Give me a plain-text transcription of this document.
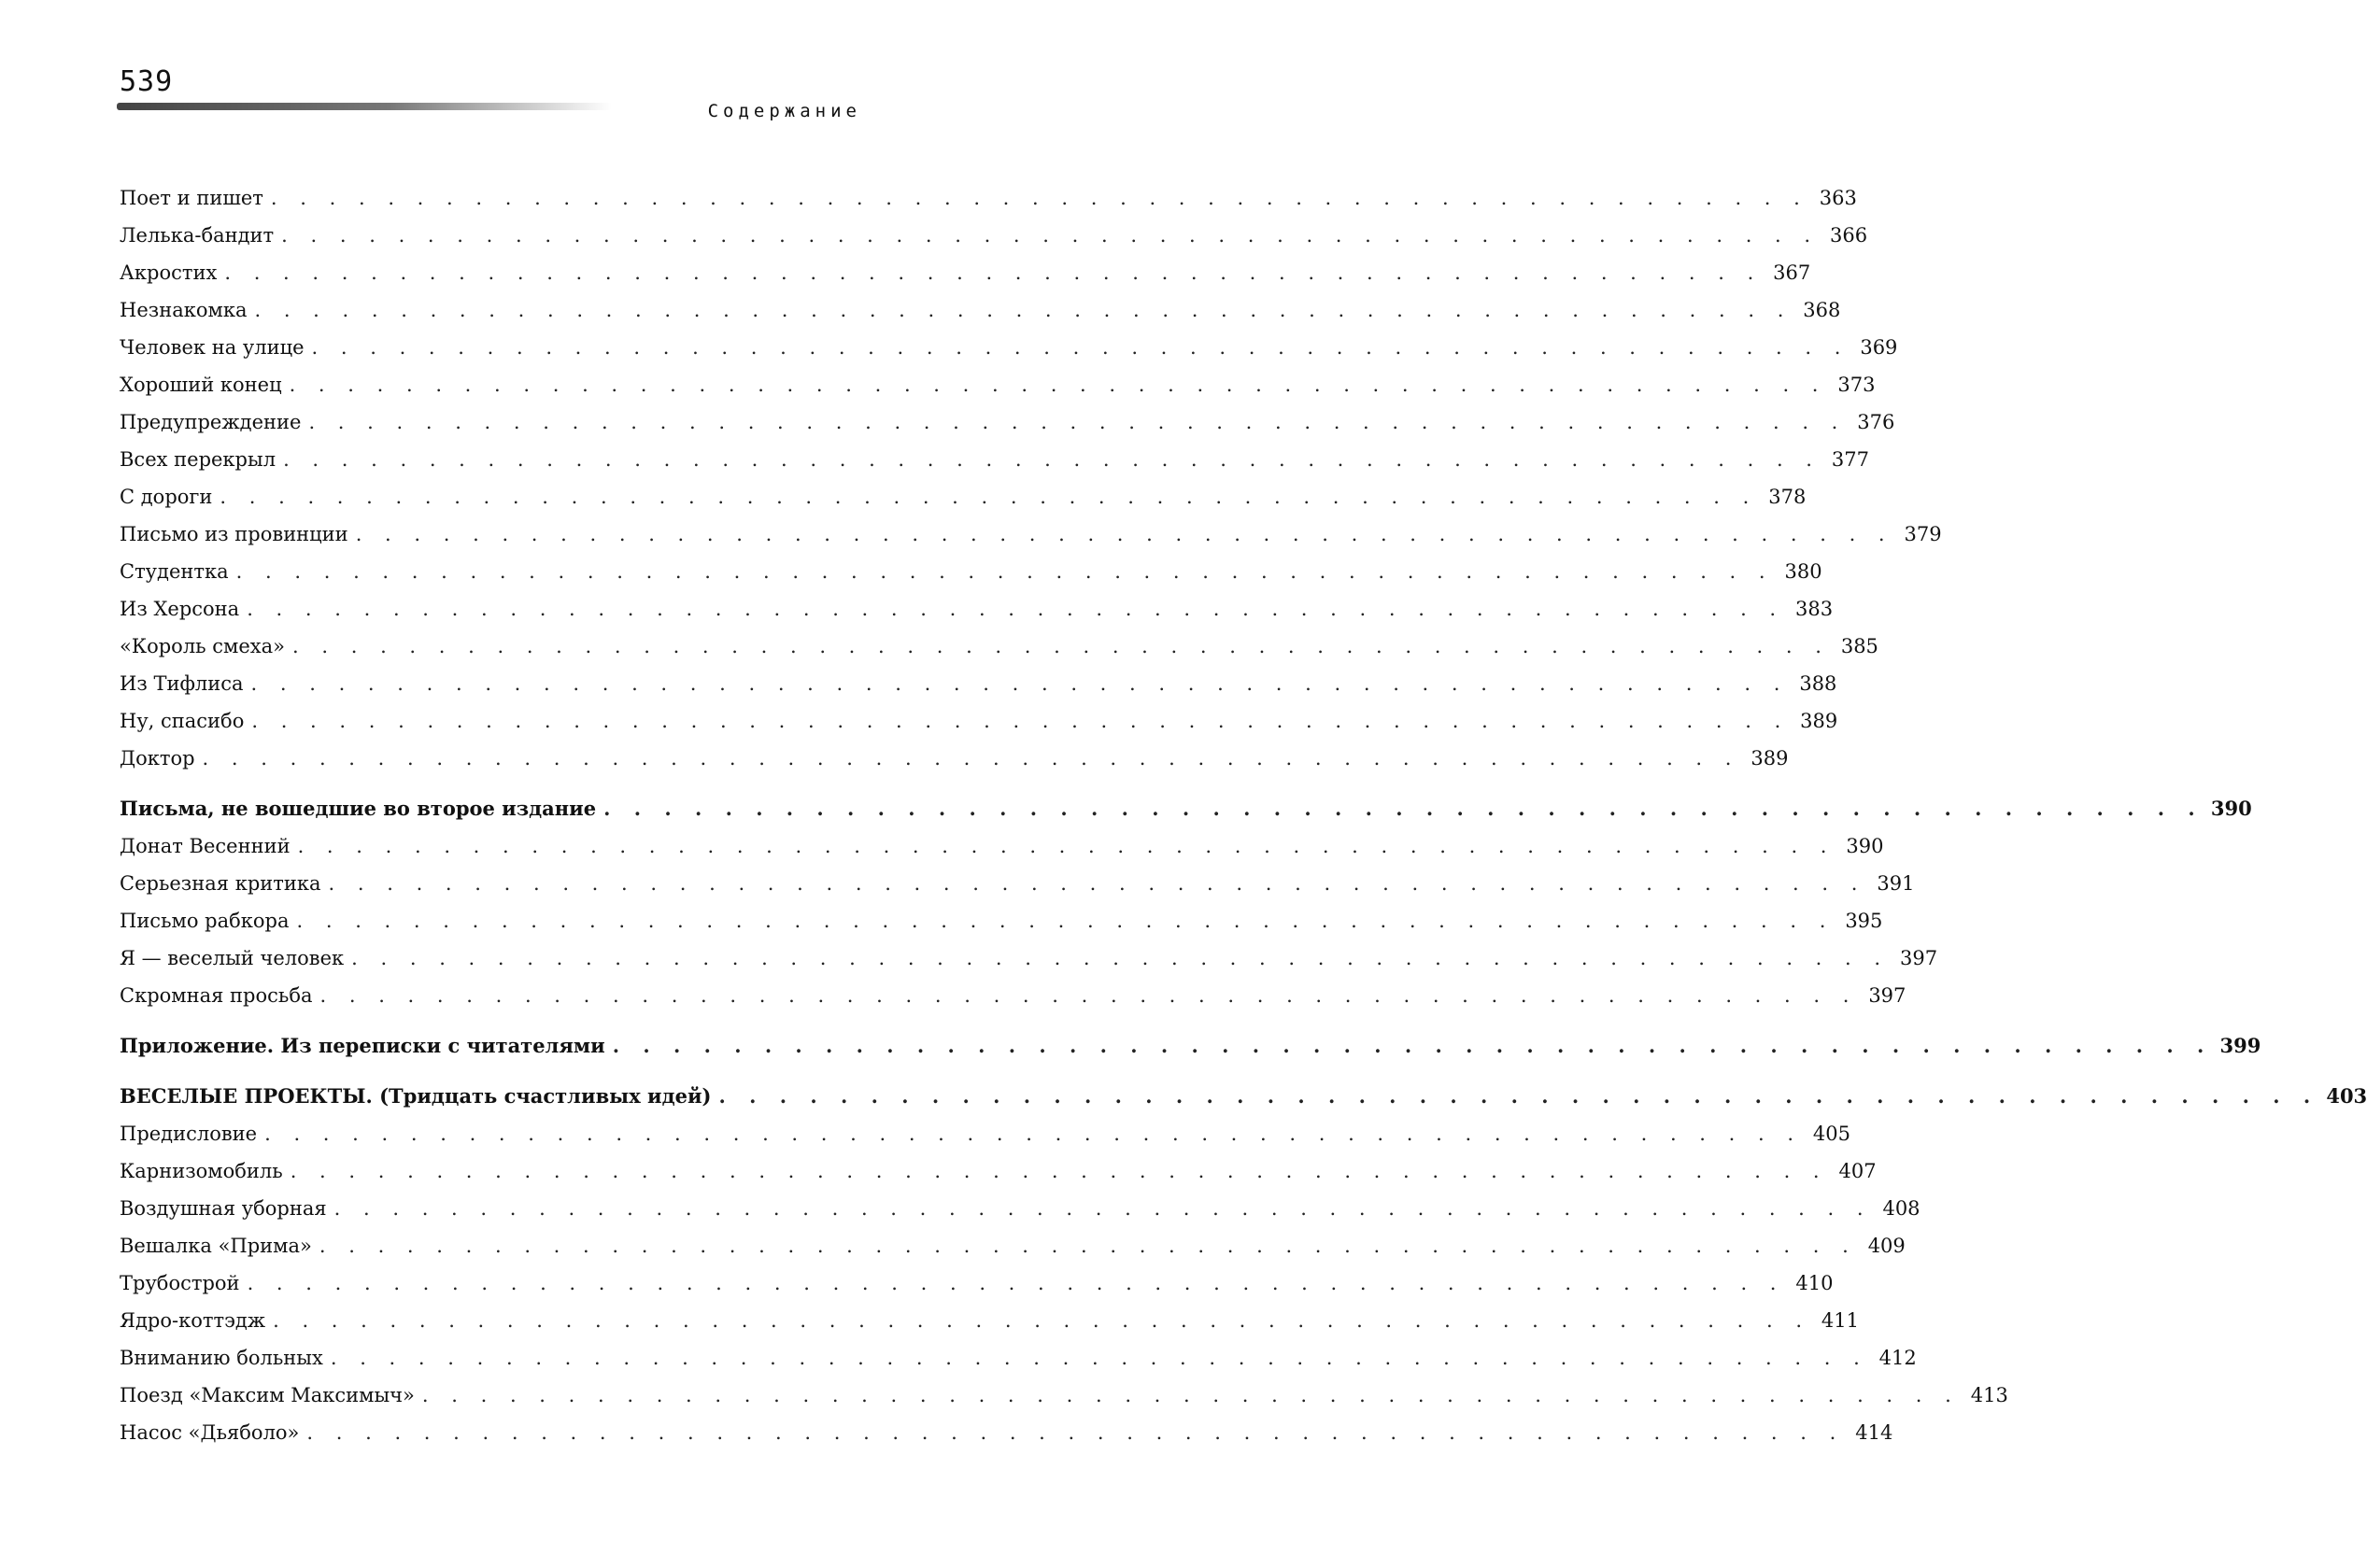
539
Содержание
Поет и пишет . . . . . . . . . . . . . . . . . . . . . . . . . . . . . . . . . . . . . . . . . . . . . . . . . . . . . 363
Лелька-бандит . . . . . . . . . . . . . . . . . . . . . . . . . . . . . . . . . . . . . . . . . . . . . . . . . . . . . 366
Акростих . . . . . . . . . . . . . . . . . . . . . . . . . . . . . . . . . . . . . . . . . . . . . . . . . . . . . 367
Незнакомка . . . . . . . . . . . . . . . . . . . . . . . . . . . . . . . . . . . . . . . . . . . . . . . . . . . . . 368
Человек на улице . . . . . . . . . . . . . . . . . . . . . . . . . . . . . . . . . . . . . . . . . . . . . . . . . . . . . 369
Хороший конец . . . . . . . . . . . . . . . . . . . . . . . . . . . . . . . . . . . . . . . . . . . . . . . . . . . . . 373
Предупреждение . . . . . . . . . . . . . . . . . . . . . . . . . . . . . . . . . . . . . . . . . . . . . . . . . . . . . 376
Всех перекрыл . . . . . . . . . . . . . . . . . . . . . . . . . . . . . . . . . . . . . . . . . . . . . . . . . . . . . 377
С дороги . . . . . . . . . . . . . . . . . . . . . . . . . . . . . . . . . . . . . . . . . . . . . . . . . . . . . 378
Письмо из провинции . . . . . . . . . . . . . . . . . . . . . . . . . . . . . . . . . . . . . . . . . . . . . . . . . . . . . 379
Студентка . . . . . . . . . . . . . . . . . . . . . . . . . . . . . . . . . . . . . . . . . . . . . . . . . . . . . 380
Из Херсона . . . . . . . . . . . . . . . . . . . . . . . . . . . . . . . . . . . . . . . . . . . . . . . . . . . . . 383
«Король смеха» . . . . . . . . . . . . . . . . . . . . . . . . . . . . . . . . . . . . . . . . . . . . . . . . . . . . . 385
Из Тифлиса . . . . . . . . . . . . . . . . . . . . . . . . . . . . . . . . . . . . . . . . . . . . . . . . . . . . . 388
Ну, спасибо . . . . . . . . . . . . . . . . . . . . . . . . . . . . . . . . . . . . . . . . . . . . . . . . . . . . . 389
Доктор . . . . . . . . . . . . . . . . . . . . . . . . . . . . . . . . . . . . . . . . . . . . . . . . . . . . . 389
Письма, не вошедшие во второе издание . . . . . . . . . . . . . . . . . . . . . . . . . . . . . . . . . . . . . . . . . . . . . . . . . . . . . 390
Донат Весенний . . . . . . . . . . . . . . . . . . . . . . . . . . . . . . . . . . . . . . . . . . . . . . . . . . . . . 390
Серьезная критика . . . . . . . . . . . . . . . . . . . . . . . . . . . . . . . . . . . . . . . . . . . . . . . . . . . . . 391
Письмо рабкора . . . . . . . . . . . . . . . . . . . . . . . . . . . . . . . . . . . . . . . . . . . . . . . . . . . . . 395
Я — веселый человек . . . . . . . . . . . . . . . . . . . . . . . . . . . . . . . . . . . . . . . . . . . . . . . . . . . . . 397
Скромная просьба . . . . . . . . . . . . . . . . . . . . . . . . . . . . . . . . . . . . . . . . . . . . . . . . . . . . . 397
Приложение. Из переписки с читателями . . . . . . . . . . . . . . . . . . . . . . . . . . . . . . . . . . . . . . . . . . . . . . . . . . . . . 399
ВЕСЕЛЫЕ ПРОЕКТЫ. (Тридцать счастливых идей) . . . . . . . . . . . . . . . . . . . . . . . . . . . . . . . . . . . . . . . . . . . . . . . . . . . . . 403
Предисловие . . . . . . . . . . . . . . . . . . . . . . . . . . . . . . . . . . . . . . . . . . . . . . . . . . . . . 405
Карнизомобиль . . . . . . . . . . . . . . . . . . . . . . . . . . . . . . . . . . . . . . . . . . . . . . . . . . . . . 407
Воздушная уборная . . . . . . . . . . . . . . . . . . . . . . . . . . . . . . . . . . . . . . . . . . . . . . . . . . . . . 408
Вешалка «Прима» . . . . . . . . . . . . . . . . . . . . . . . . . . . . . . . . . . . . . . . . . . . . . . . . . . . . . 409
Трубострой . . . . . . . . . . . . . . . . . . . . . . . . . . . . . . . . . . . . . . . . . . . . . . . . . . . . . 410
Ядро-коттэдж . . . . . . . . . . . . . . . . . . . . . . . . . . . . . . . . . . . . . . . . . . . . . . . . . . . . . 411
Вниманию больных . . . . . . . . . . . . . . . . . . . . . . . . . . . . . . . . . . . . . . . . . . . . . . . . . . . . . 412
Поезд «Максим Максимыч» . . . . . . . . . . . . . . . . . . . . . . . . . . . . . . . . . . . . . . . . . . . . . . . . . . . . . 413
Насос «Дьяболо» . . . . . . . . . . . . . . . . . . . . . . . . . . . . . . . . . . . . . . . . . . . . . . . . . . . . . 414
